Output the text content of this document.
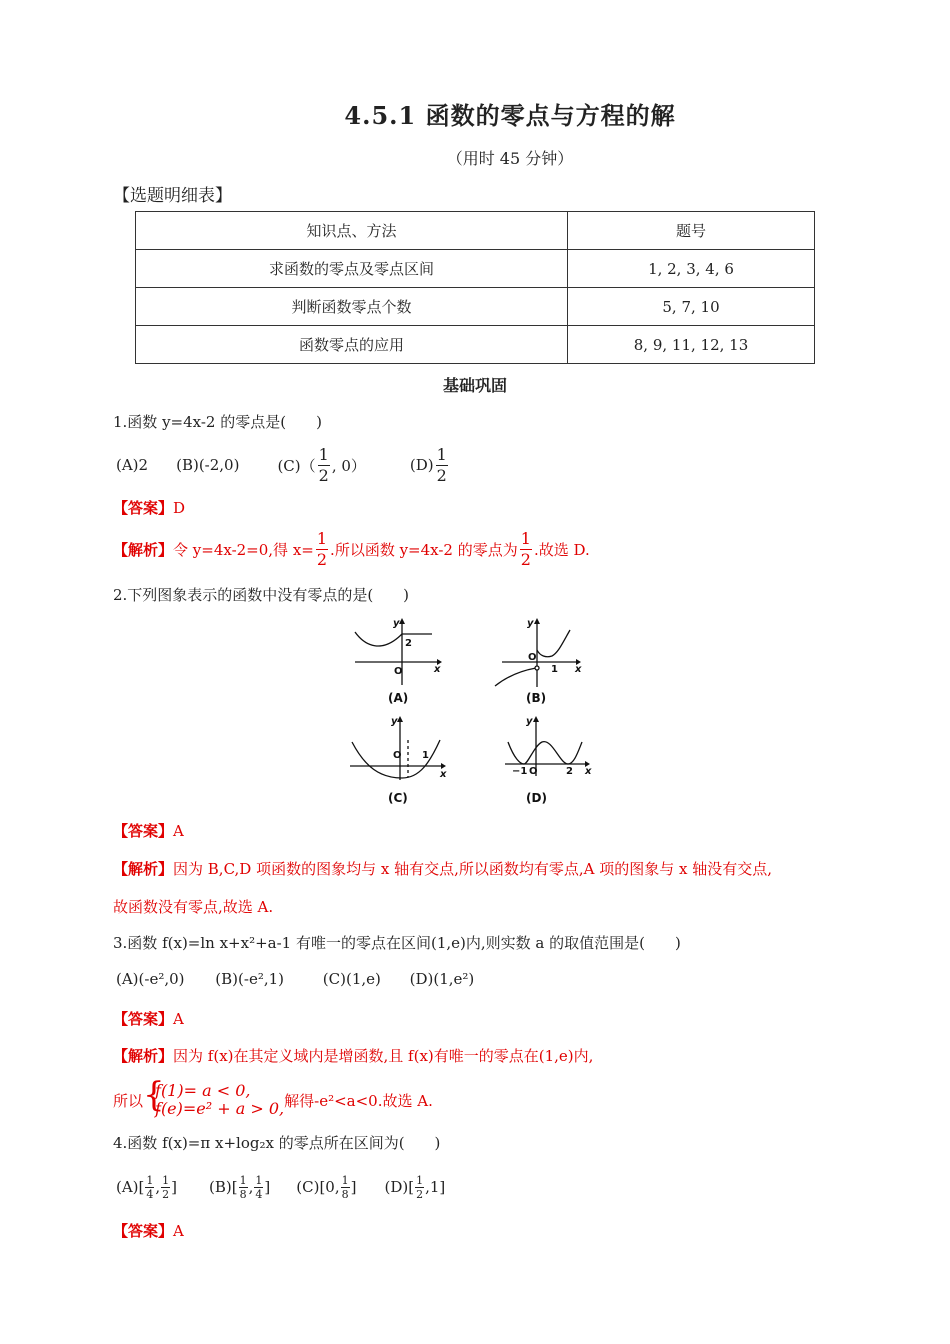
4.5.1 函数的零点与方程的解
（用时 45 分钟）
【选题明细表】
知识点、方法	题号
求函数的零点及零点区间	1, 2, 3, 4, 6
判断函数零点个数	5, 7, 10
函数零点的应用	8, 9, 11, 12, 13
基础巩固
1.函数 y=4x-2 的零点是(　　)
(A)2 (B)(-2,0)	$(C)( \frac{1}{2}$ , 0）	$(D) \frac{1}{2}$
【答案】D
【解析】 令 y=4x-2=0,得 $x= \frac{1}{2}$ .所以函数 y=4x-2 的零点为 $\frac{1}{2}$ .故选 D.
2.下列图象表示的函数中没有零点的是(　　)
y
x
y
x
y
x
y
x
2
O
O
1
O 1
−1 O	2
(A)	(B)
(C)	(D)
【答案】A
【解析】因为 B,C,D 项函数的图象均与 x 轴有交点,所以函数均有零点,A 项的图象与 x 轴没有交点,
故函数没有零点,故选 A.
3.函数 f(x)=ln x+x²+a-1 有唯一的零点在区间(1,e)内,则实数 a 的取值范围是(　　)
(A)(-e²,0) (B)(-e²,1)	(C)(1,e) (D)(1,e²)
【答案】A
【解析】因为 f(x)在其定义域内是增函数,且 f(x)有唯一的零点在(1,e)内,
所以 {
f(1)= a < 0,
f(e)=e² + a > 0, 解得-e²<a<0.故选 A.
4.函数 f(x)=π x+log₂x 的零点所在区间为(　　)
(A)[ 1
4 , 1
2 ] (B)[ 1
8 , 1
4 ] (C)[0, 1
8 ] (D)[ 1
2 ,1]
【答案】A
